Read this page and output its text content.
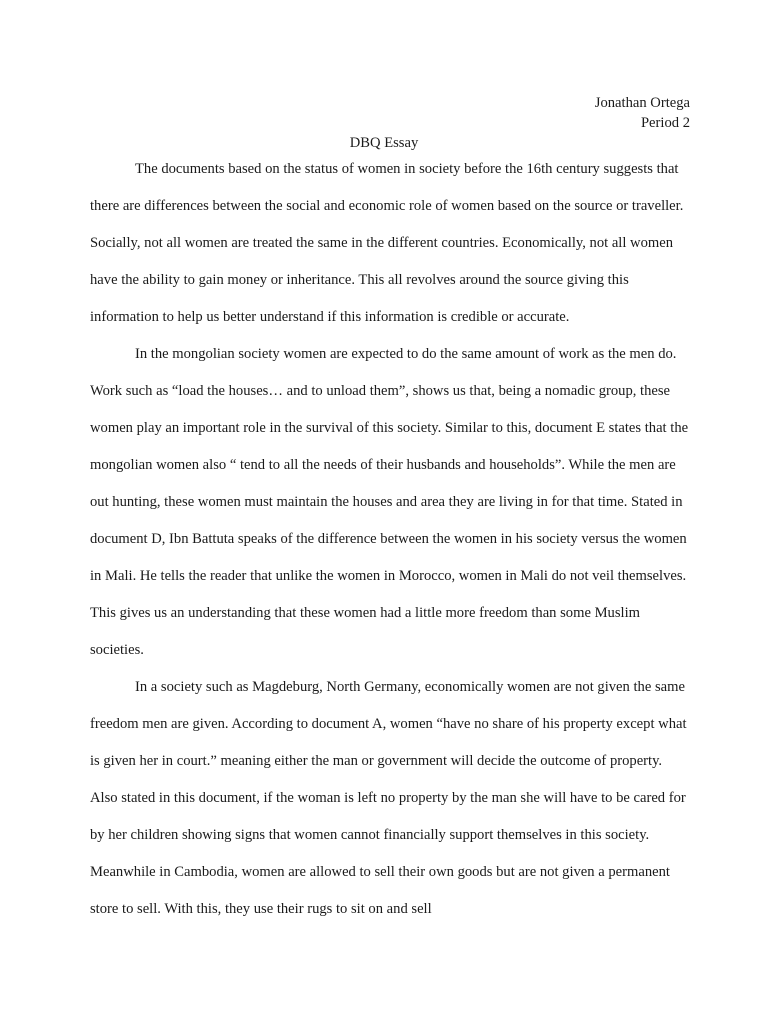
Jonathan Ortega
Period 2
DBQ Essay

The documents based on the status of women in society before the 16th century suggests that there are differences between the social and economic role of women based on the source or traveller. Socially, not all women are treated the same in the different countries. Economically, not all women have the ability to gain money or inheritance. This all revolves around the source giving this information to help us better understand if this information is credible or accurate.

In the mongolian society women are expected to do the same amount of work as the men do. Work such as “load the houses… and to unload them”, shows us that, being a nomadic group, these women play an important role in the survival of this society. Similar to this, document E states that the mongolian women also “ tend to all the needs of their husbands and households”. While the men are out hunting, these women must maintain the houses and area they are living in for that time. Stated in document D, Ibn Battuta speaks of the difference between the women in his society versus the women in Mali. He tells the reader that unlike the women in Morocco, women in Mali do not veil themselves. This gives us an understanding that these women had a little more freedom than some Muslim societies.

In a society such as Magdeburg, North Germany, economically women are not given the same freedom men are given. According to document A, women “have no share of his property except what is given her in court.” meaning either the man or government will decide the outcome of property. Also stated in this document, if the woman is left no property by the man she will have to be cared for by her children showing signs that women cannot financially support themselves in this society. Meanwhile in Cambodia, women are allowed to sell their own goods but are not given a permanent store to sell. With this, they use their rugs to sit on and sell
